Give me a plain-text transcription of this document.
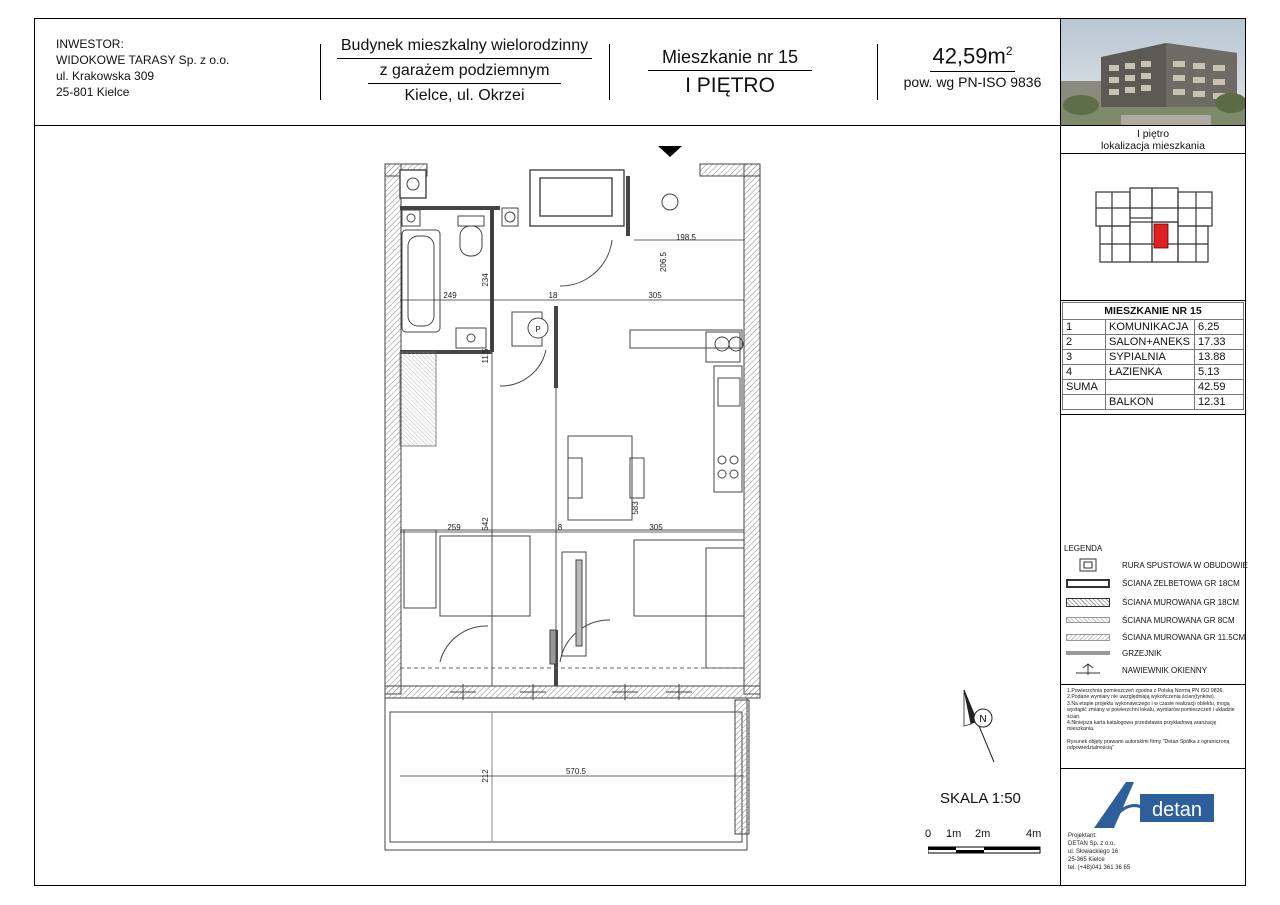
INWESTOR:
WIDOKOWE TARASY Sp. z o.o.
ul. Krakowska 309
25-801 Kielce
Budynek mieszkalny wielorodzinny
z garażem podziemnym
Kielce, ul. Okrzei
Mieszkanie nr 15
I PIĘTRO
$42,59m^2$
pow. wg PN-ISO 9836
I piętro
lokalizacja mieszkania
MIESZKANIE NR 15		
1	KOMUNIKACJA	6.25
2	SALON+ANEKS	17.33
3	SYPIALNIA	13.88
4	ŁAZIENKA	5.13
SUMA		42.59
	BALKON	12.31
LEGENDA
RURA SPUSTOWA W OBUDOWIE
ŚCIANA ŻELBETOWA GR 18CM
ŚCIANA MUROWANA GR 18CM
ŚCIANA MUROWANA GR 8CM
ŚCIANA MUROWANA GR 11.5CM
GRZEJNIK
NAWIEWNIK OKIENNY
1.Powierzchnia pomieszczeń zgodna z Polską Normą PN ISO 9836.
2.Podane wymiary nie uwzględniają wykończenia ścian(tynków).
3.Na etapie projektu wykonawczego i w czasie realizacji obiektu, mogą wystąpić zmiany w powierzchni lokalu, wymiarów pomieszczeń i układzie ścian.
4.Niniejsza karta katalogowa przedstawia przykładową aranżację mieszkania.
Rysunek objęty prawami autorskimi firmy "Detan Spółka z ograniczoną odpowiedzialnością"
detan
Projektant:
DETAN Sp. z o.o.
ul. Słowackiego 16
25-365 Kielce
tel. (+48)041 361 36 65
N
SKALA 1:50
0 1m 2m	4m
P
198.5
206.5
234
249	18	305
11.5
259	542	8
583
305
212	570.5
